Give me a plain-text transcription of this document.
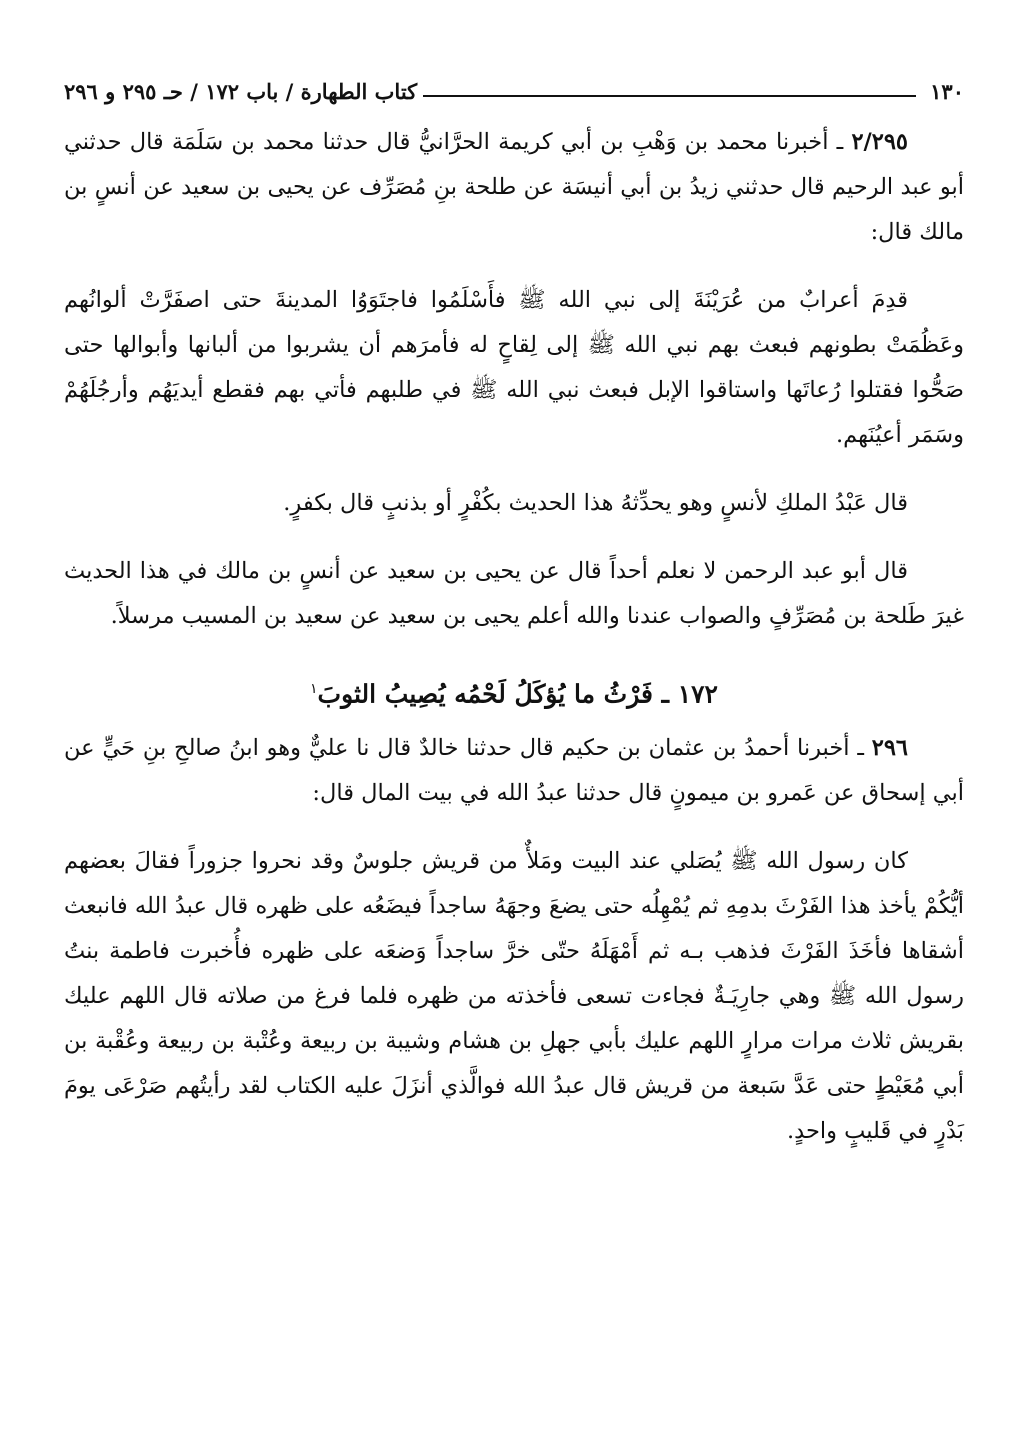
١٣٠
كتاب الطهارة / باب ١٧٢ / حـ ٢٩٥ و ٢٩٦

٢/٢٩٥ ـ أخبرنا محمد بن وَهْبِ بن أبي كريمة الحرَّانيُّ قال حدثنا محمد بن سَلَمَة قال حدثني أبو عبد الرحيم قال حدثني زيدُ بن أبي أنيسَة عن طلحة بنِ مُصَرِّف عن يحيى بن سعيد عن أنسٍ بن مالك قال:

قدِمَ أعرابٌ من عُرَيْنَةَ إلى نبي الله ﷺ فأَسْلَمُوا فاجتَوَوُا المدينةَ حتى اصفَرَّتْ ألوانُهم وعَظُمَتْ بطونهم فبعث بهم نبي الله ﷺ إلى لِقاحٍ له فأمرَهم أن يشربوا من ألبانها وأبوالها حتى صَحُّوا فقتلوا رُعاتَها واستاقوا الإبل فبعث نبي الله ﷺ في طلبهم فأتي بهم فقطع أيديَهُم وأرجُلَهُمْ وسَمَر أعيُنَهم.

قال عَبْدُ الملكِ لأنسٍ وهو يحدِّثهُ هذا الحديث بكُفْرٍ أو بذنبٍ قال بكفرٍ.

قال أبو عبد الرحمن لا نعلم أحداً قال عن يحيى بن سعيد عن أنسٍ بن مالك في هذا الحديث غيرَ طَلحة بن مُصَرِّفٍ والصواب عندنا والله أعلم يحيى بن سعيد عن سعيد بن المسيب مرسلاً.

١٧٢ ـ فَرْثُ ما يُؤكَلُ لَحْمُه يُصِيبُ الثوبَ$^١$

٢٩٦ ـ أخبرنا أحمدُ بن عثمان بن حكيم قال حدثنا خالدٌ قال نا عليٌّ وهو ابنُ صالحِ بنِ حَيٍّ عن أبي إسحاق عن عَمرو بن ميمونٍ قال حدثنا عبدُ الله في بيت المال قال:

كان رسول الله ﷺ يُصَلي عند البيت ومَلأٌ من قريش جلوسٌ وقد نحروا جزوراً فقالَ بعضهم أيُّكُمْ يأخذ هذا الفَرْثَ بدمِهِ ثم يُمْهِلُه حتى يضعَ وجهَهُ ساجداً فيضَعُه على ظهره قال عبدُ الله فانبعث أشقاها فأخَذَ الفَرْثَ فذهب بـه ثم أَمْهَلَهُ حتّى خرَّ ساجداً وَضعَه على ظهره فأُخبرت فاطمة بنتُ رسول الله ﷺ وهي جارِيَـةٌ فجاءت تسعى فأخذته من ظهره فلما فرغ من صلاته قال اللهم عليك بقريش ثلاث مرات مرارٍ اللهم عليك بأبي جهلِ بن هشام وشيبة بن ربيعة وعُتْبة بن ربيعة وعُقْبة بن أبي مُعَيْطٍ حتى عَدَّ سَبعة من قريش قال عبدُ الله فوالَّذي أنزَلَ عليه الكتاب لقد رأيتُهم صَرْعَى يومَ بَدْرٍ في قَليبٍ واحدٍ.
